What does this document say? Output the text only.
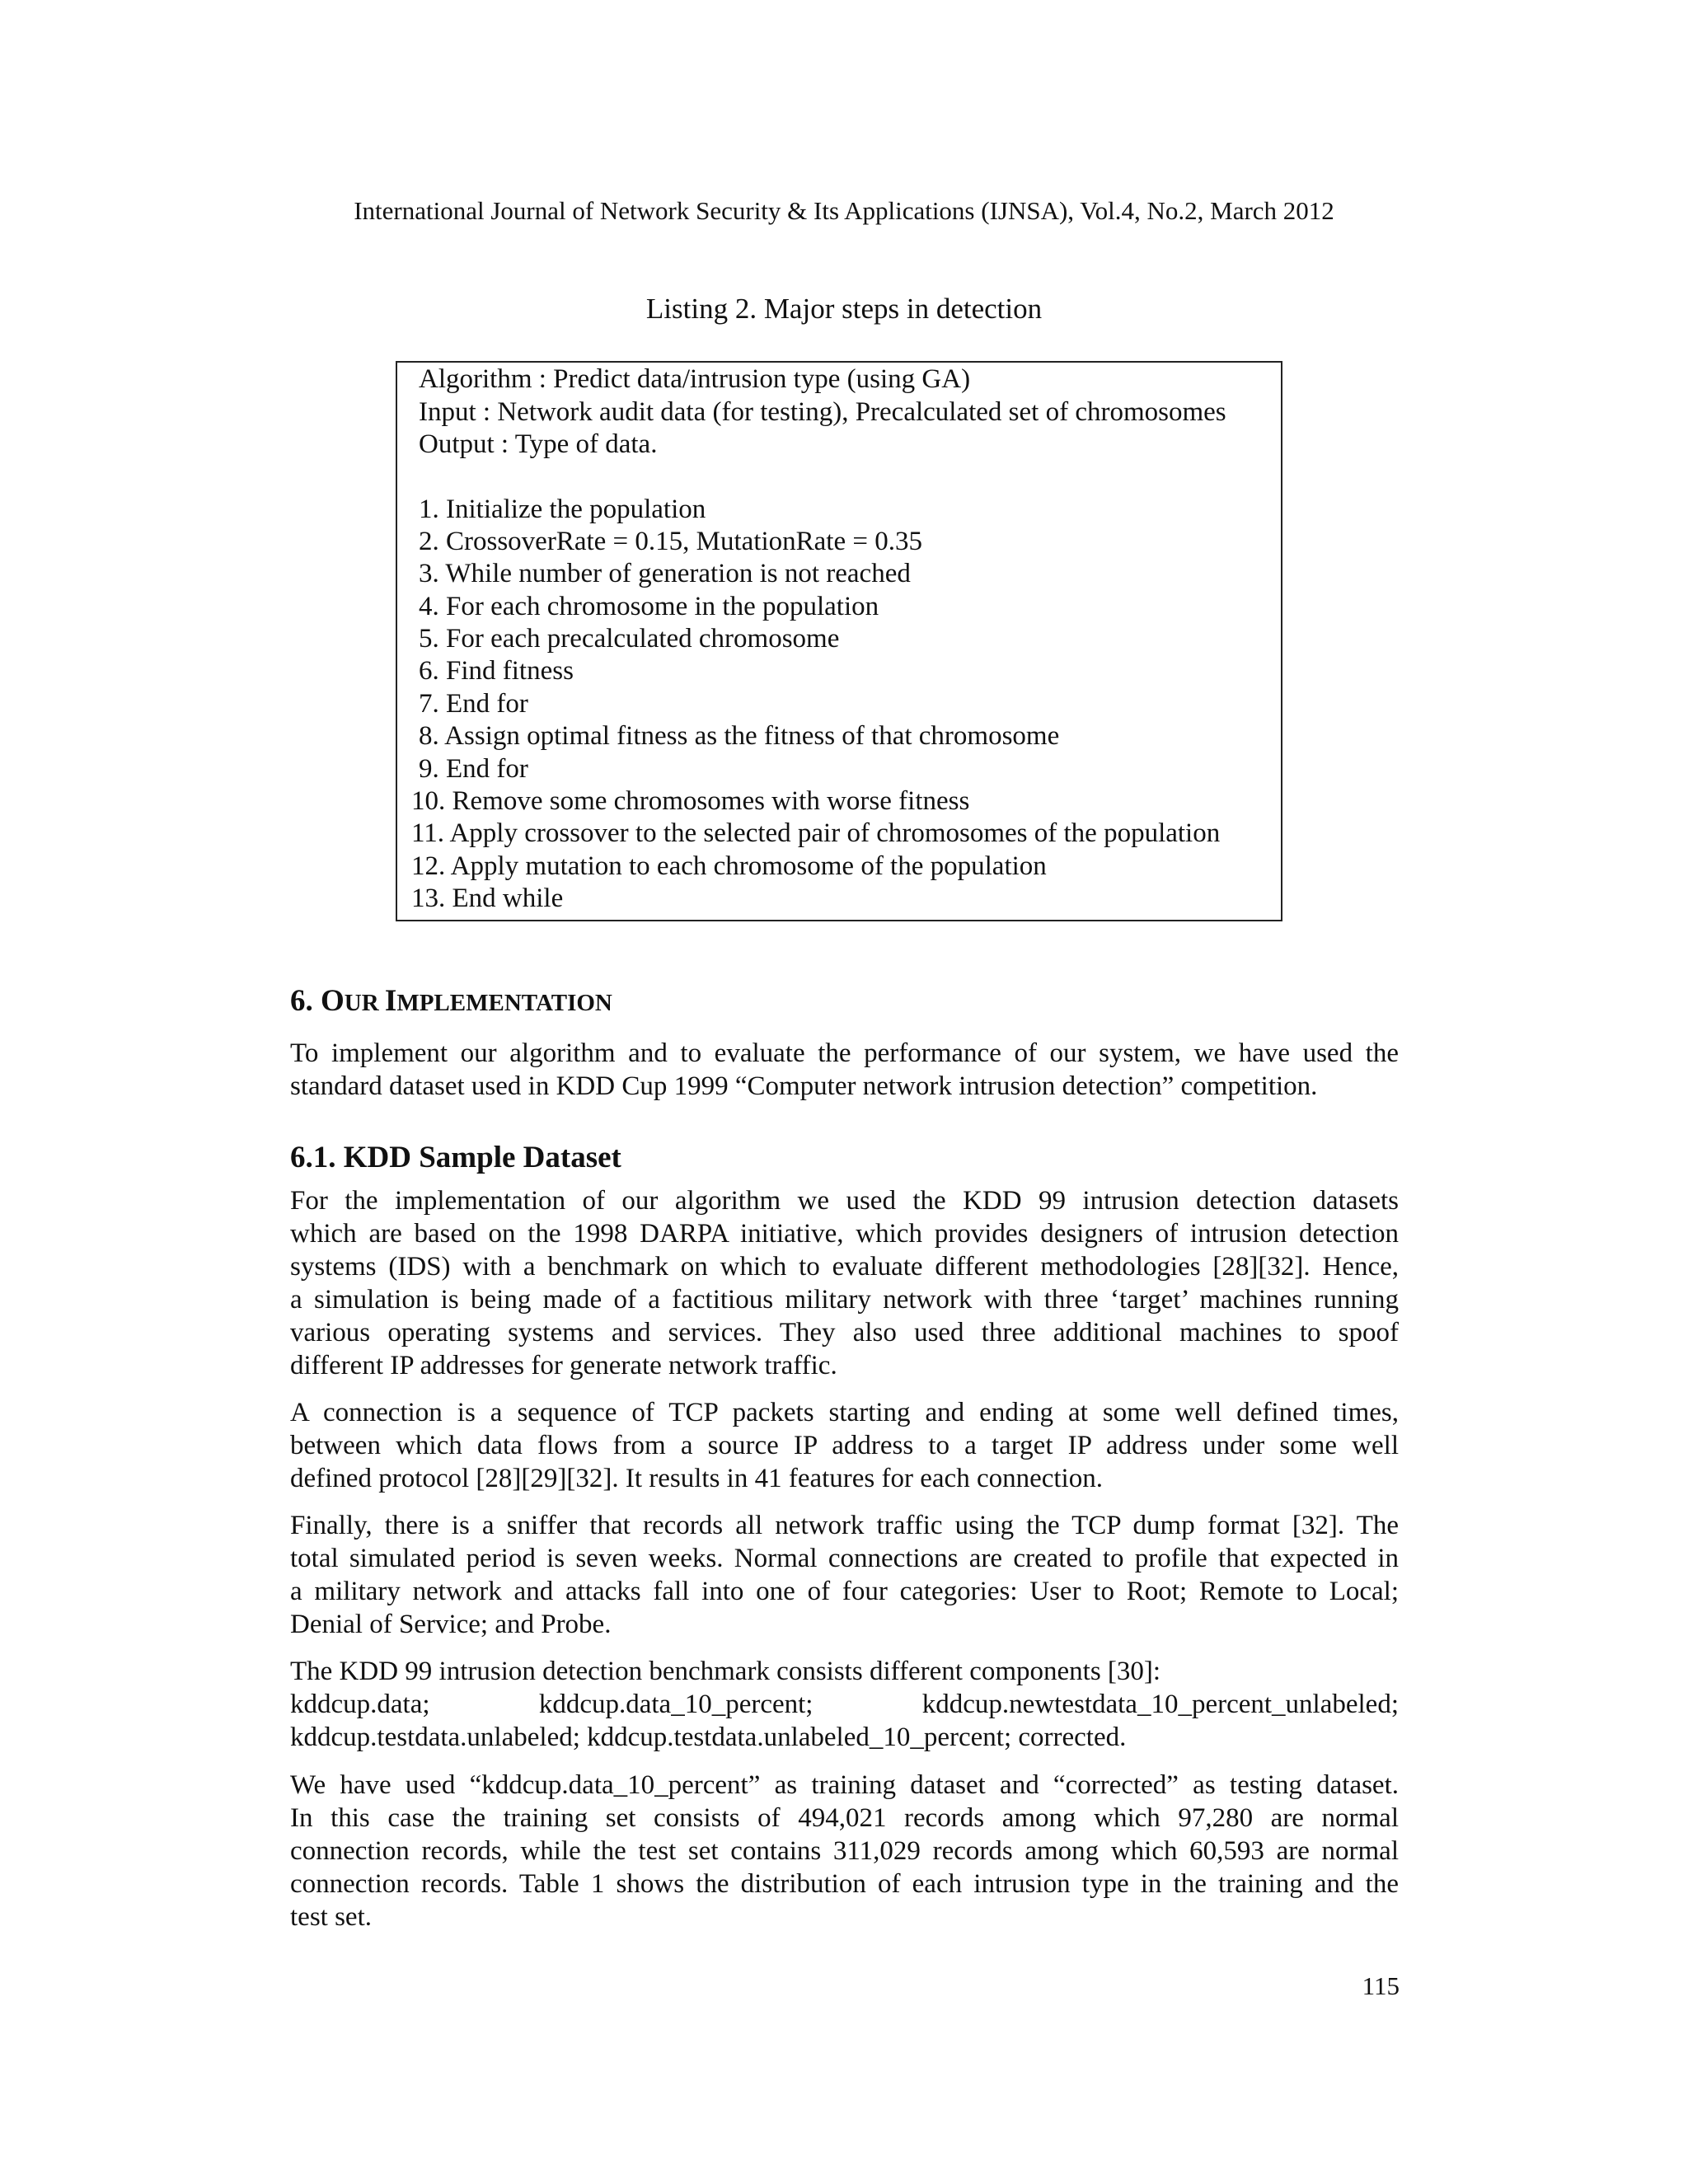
International Journal of Network Security & Its Applications (IJNSA), Vol.4, No.2, March 2012
Listing 2. Major steps in detection
Algorithm : Predict data/intrusion type (using GA)
Input : Network audit data (for testing), Precalculated set of chromosomes
Output : Type of data.
1. Initialize the population
2. CrossoverRate = 0.15, MutationRate = 0.35
3. While number of generation is not reached
4. For each chromosome in the population
5. For each precalculated chromosome
6. Find fitness
7. End for
8. Assign optimal fitness as the fitness of that chromosome
9. End for
10. Remove some chromosomes with worse fitness
11. Apply crossover to the selected pair of chromosomes of the population
12. Apply mutation to each chromosome of the population
13. End while
6. OUR IMPLEMENTATION
To implement our algorithm and to evaluate the performance of our system, we have used the
standard dataset used in KDD Cup 1999 “Computer network intrusion detection” competition.
6.1. KDD Sample Dataset
For the implementation of our algorithm we used the KDD 99 intrusion detection datasets
which are based on the 1998 DARPA initiative, which provides designers of intrusion detection
systems (IDS) with a benchmark on which to evaluate different methodologies [28][32]. Hence,
a simulation is being made of a factitious military network with three ‘target’ machines running
various operating systems and services. They also used three additional machines to spoof
different IP addresses for generate network traffic.
A connection is a sequence of TCP packets starting and ending at some well defined times,
between which data flows from a source IP address to a target IP address under some well
defined protocol [28][29][32]. It results in 41 features for each connection.
Finally, there is a sniffer that records all network traffic using the TCP dump format [32]. The
total simulated period is seven weeks. Normal connections are created to profile that expected in
a military network and attacks fall into one of four categories: User to Root; Remote to Local;
Denial of Service; and Probe.
The KDD 99 intrusion detection benchmark consists different components [30]:
kddcup.data; kddcup.data_10_percent; kddcup.newtestdata_10_percent_unlabeled;
kddcup.testdata.unlabeled; kddcup.testdata.unlabeled_10_percent; corrected.
We have used “kddcup.data_10_percent” as training dataset and “corrected” as testing dataset.
In this case the training set consists of 494,021 records among which 97,280 are normal
connection records, while the test set contains 311,029 records among which 60,593 are normal
connection records. Table 1 shows the distribution of each intrusion type in the training and the
test set.
115
